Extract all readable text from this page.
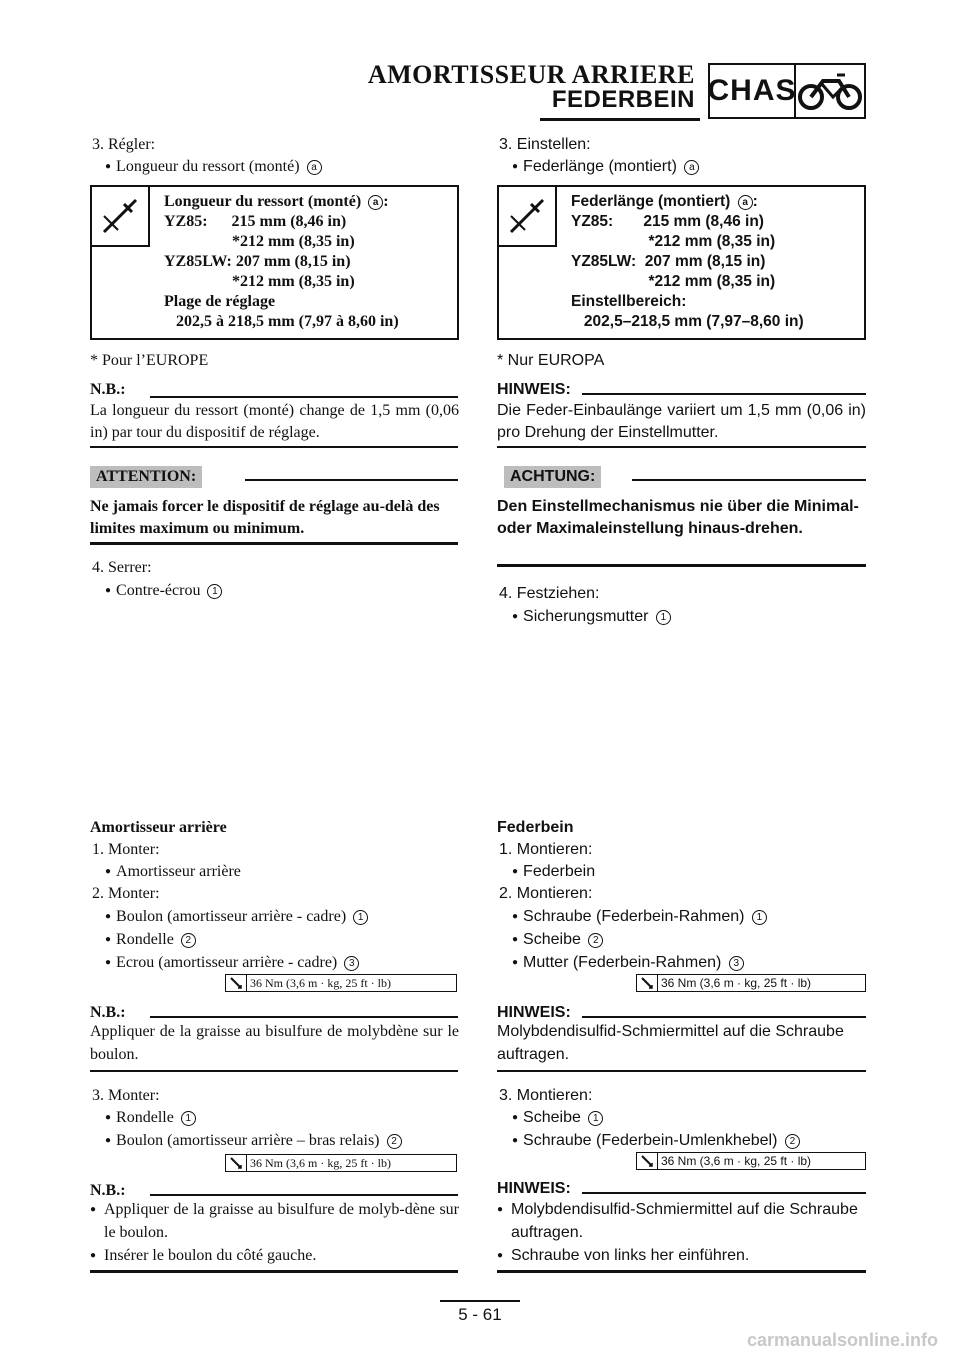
AMORTISSEUR ARRIERE
FEDERBEIN CHAS
3. Régler:
● Longueur du ressort (monté) a
Longueur du ressort (monté) a :
YZ85:      215 mm (8,46 in)
*212 mm (8,35 in)
YZ85LW: 207 mm (8,15 in)
*212 mm (8,35 in)
Plage de réglage
202,5 à 218,5 mm (7,97 à 8,60 in)
* Pour l’EUROPE
N.B.:
La longueur du ressort (monté) change de 1,5 mm (0,06 in) par tour du dispositif de réglage.
ATTENTION:
Ne jamais forcer le dispositif de réglage au-delà des limites maximum ou minimum.
4. Serrer:
● Contre-écrou 1
Amortisseur arrière
1. Monter:
● Amortisseur arrière
2. Monter:
● Boulon (amortisseur arrière - cadre) 1
● Rondelle 2
● Ecrou (amortisseur arrière - cadre) 3
36 Nm (3,6 m · kg, 25 ft · lb)
N.B.:
Appliquer de la graisse au bisulfure de molybdène sur le boulon.
3. Monter:
● Rondelle 1
● Boulon (amortisseur arrière – bras relais) 2
36 Nm (3,6 m · kg, 25 ft · lb)
N.B.:
●
Appliquer de la graisse au bisulfure de molyb-dène sur le boulon.
●
Insérer le boulon du côté gauche.
3. Einstellen:
● Federlänge (montiert) a
Federlänge (montiert) a :
YZ85:       215 mm (8,46 in)
*212 mm (8,35 in)
YZ85LW:  207 mm (8,15 in)
*212 mm (8,35 in)
Einstellbereich:
202,5–218,5 mm (7,97–8,60 in)
* Nur EUROPA
HINWEIS:
Die Feder-Einbaulänge variiert um 1,5 mm (0,06 in) pro Drehung der Einstellmutter.
ACHTUNG:
Den Einstellmechanismus nie über die Minimal- oder Maximaleinstellung hinaus-drehen.
4. Festziehen:
● Sicherungsmutter 1
Federbein
1. Montieren:
● Federbein
2. Montieren:
● Schraube (Federbein-Rahmen) 1
● Scheibe 2
● Mutter (Federbein-Rahmen) 3
36 Nm (3,6 m · kg, 25 ft · lb)
HINWEIS:
Molybdendisulfid-Schmiermittel auf die Schraube auftragen.
3. Montieren:
● Scheibe 1
● Schraube (Federbein-Umlenkhebel) 2
36 Nm (3,6 m · kg, 25 ft · lb)
HINWEIS:
●
Molybdendisulfid-Schmiermittel auf die Schraube auftragen.
●
Schraube von links her einführen.
5 - 61
carmanualsonline.info
